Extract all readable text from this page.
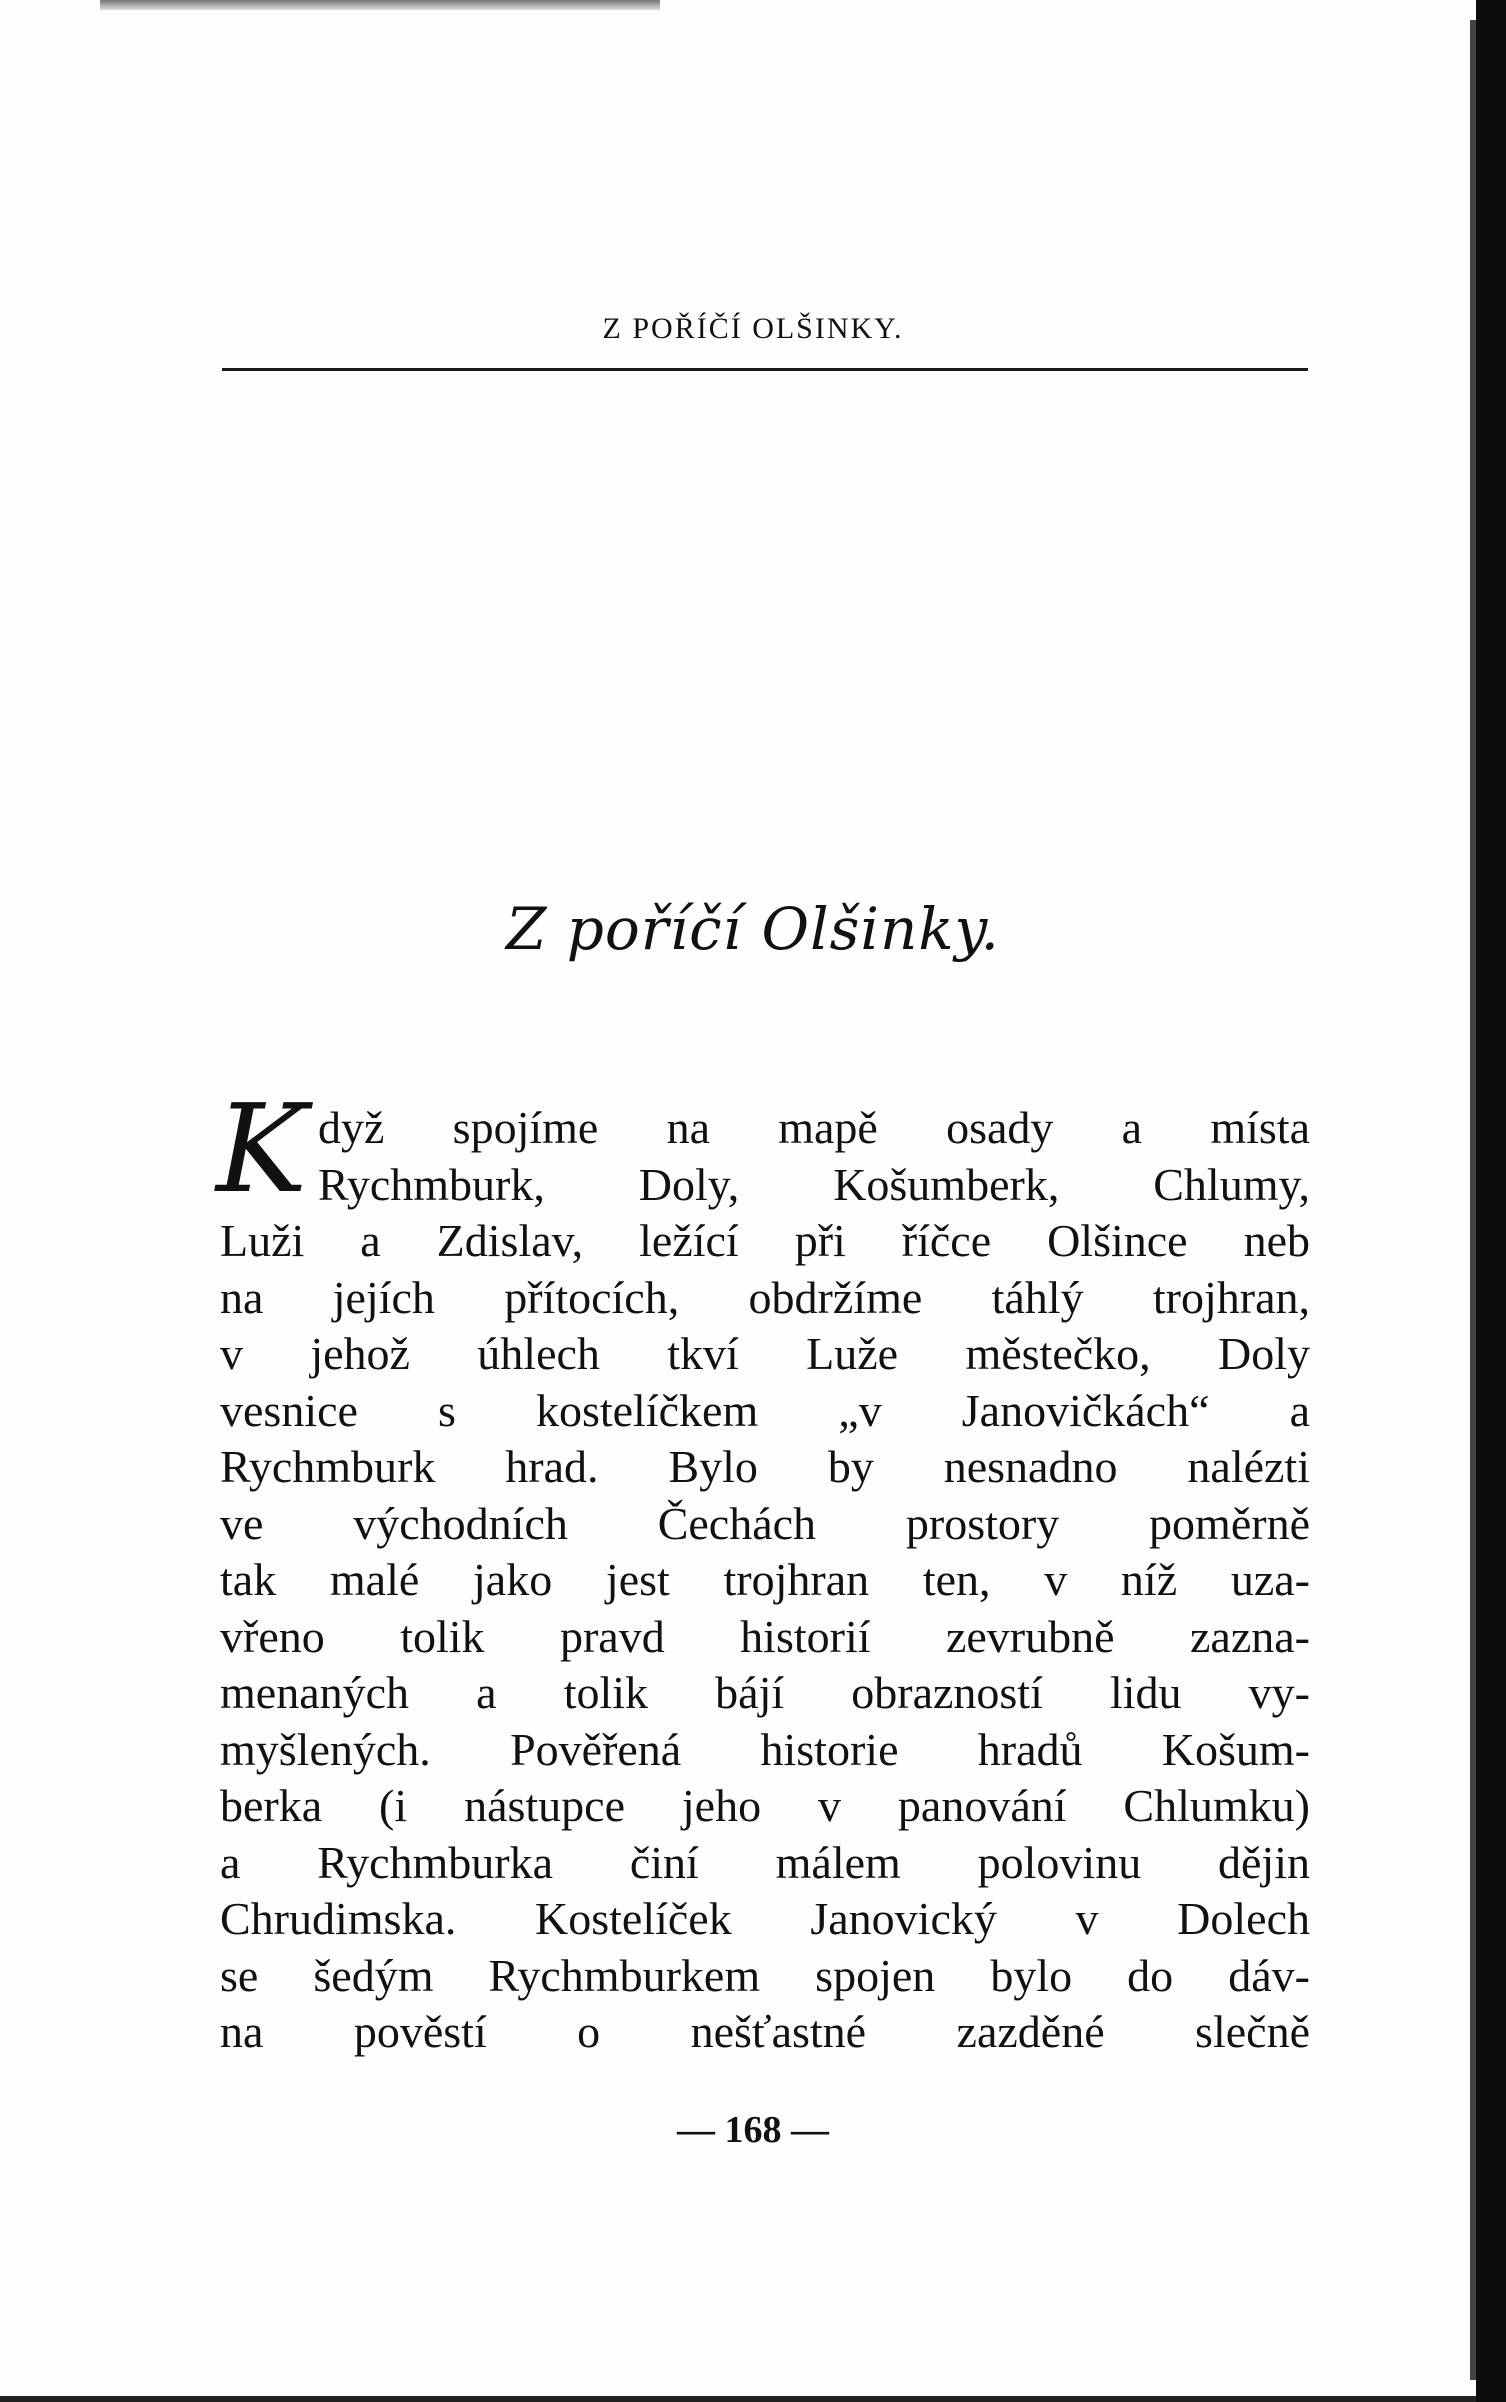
Z POŘÍČÍ OLŠINKY.
Z poříčí Olšinky.
K dyž spojíme na mapě osady a místa
Rychmburk, Doly, Košumberk, Chlumy,
Luži a Zdislav, ležící při říčce Olšince neb
na jejích přítocích, obdržíme táhlý trojhran,
v jehož úhlech tkví Luže městečko, Doly
vesnice s kostelíčkem „v Janovičkách“ a
Rychmburk hrad. Bylo by nesnadno nalézti
ve východních Čechách prostory poměrně
tak malé jako jest trojhran ten, v níž uza-
vřeno tolik pravd historií zevrubně zazna-
menaných a tolik bájí obrazností lidu vy-
myšlených. Pověřená historie hradů Košum-
berka (i nástupce jeho v panování Chlumku)
a Rychmburka činí málem polovinu dějin
Chrudimska. Kostelíček Janovický v Dolech
se šedým Rychmburkem spojen bylo do dáv-
na pověstí o nešťastné zazděné slečně
— 168 —
